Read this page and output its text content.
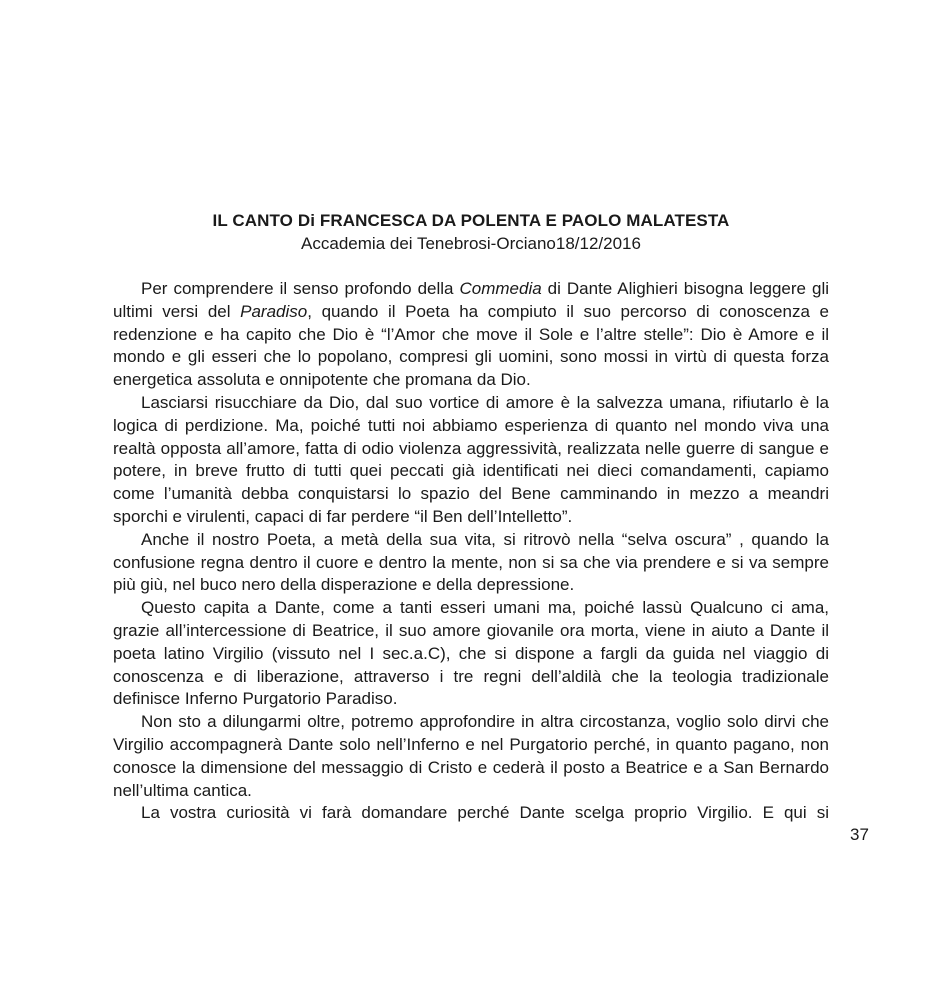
IL CANTO Di FRANCESCA DA POLENTA E PAOLO MALATESTA
Accademia dei Tenebrosi-Orciano18/12/2016

Per comprendere il senso profondo della Commedia di Dante Alighieri bisogna leggere gli ultimi versi del Paradiso, quando il Poeta ha compiuto il suo percorso di conoscenza e redenzione e ha capito che Dio è “l’Amor che move il Sole e l’altre stelle”: Dio è Amore e il mondo e gli esseri che lo popolano, compresi gli uomini, sono mossi in virtù di questa forza energetica assoluta e onnipotente che promana da Dio.

Lasciarsi risucchiare da Dio, dal suo vortice di amore è la salvezza umana, rifiutarlo è la logica di perdizione. Ma, poiché tutti noi abbiamo esperienza di quanto nel mondo viva una realtà opposta all’amore, fatta di odio violenza aggressività, realizzata nelle guerre di sangue e potere, in breve frutto di tutti quei peccati già identificati nei dieci comandamenti, capiamo come l’umanità debba conquistarsi lo spazio del Bene camminando in mezzo a meandri sporchi e virulenti, capaci di far perdere “il Ben dell’Intelletto”.

Anche il nostro Poeta, a metà della sua vita, si ritrovò nella “selva oscura” , quando la confusione regna dentro il cuore e dentro la mente, non si sa che via prendere e si va sempre più giù, nel buco nero della disperazione e della depressione.

Questo capita a Dante, come a tanti esseri umani ma, poiché lassù Qualcuno ci ama, grazie all’intercessione di Beatrice, il suo amore giovanile ora morta, viene in aiuto a Dante il poeta latino Virgilio (vissuto nel I sec.a.C), che si dispone a fargli da guida nel viaggio di conoscenza e di liberazione, attraverso i tre regni dell’aldilà che la teologia tradizionale definisce Inferno Purgatorio Paradiso.

Non sto a dilungarmi oltre, potremo approfondire in altra circostanza, voglio solo dirvi che Virgilio accompagnerà Dante solo nell’Inferno e nel Purgatorio perché, in quanto pagano, non conosce la dimensione del messaggio di Cristo e cederà il posto a Beatrice e a San Bernardo nell’ultima cantica.

La vostra curiosità vi farà domandare perché Dante scelga proprio Virgilio. E qui si

37
